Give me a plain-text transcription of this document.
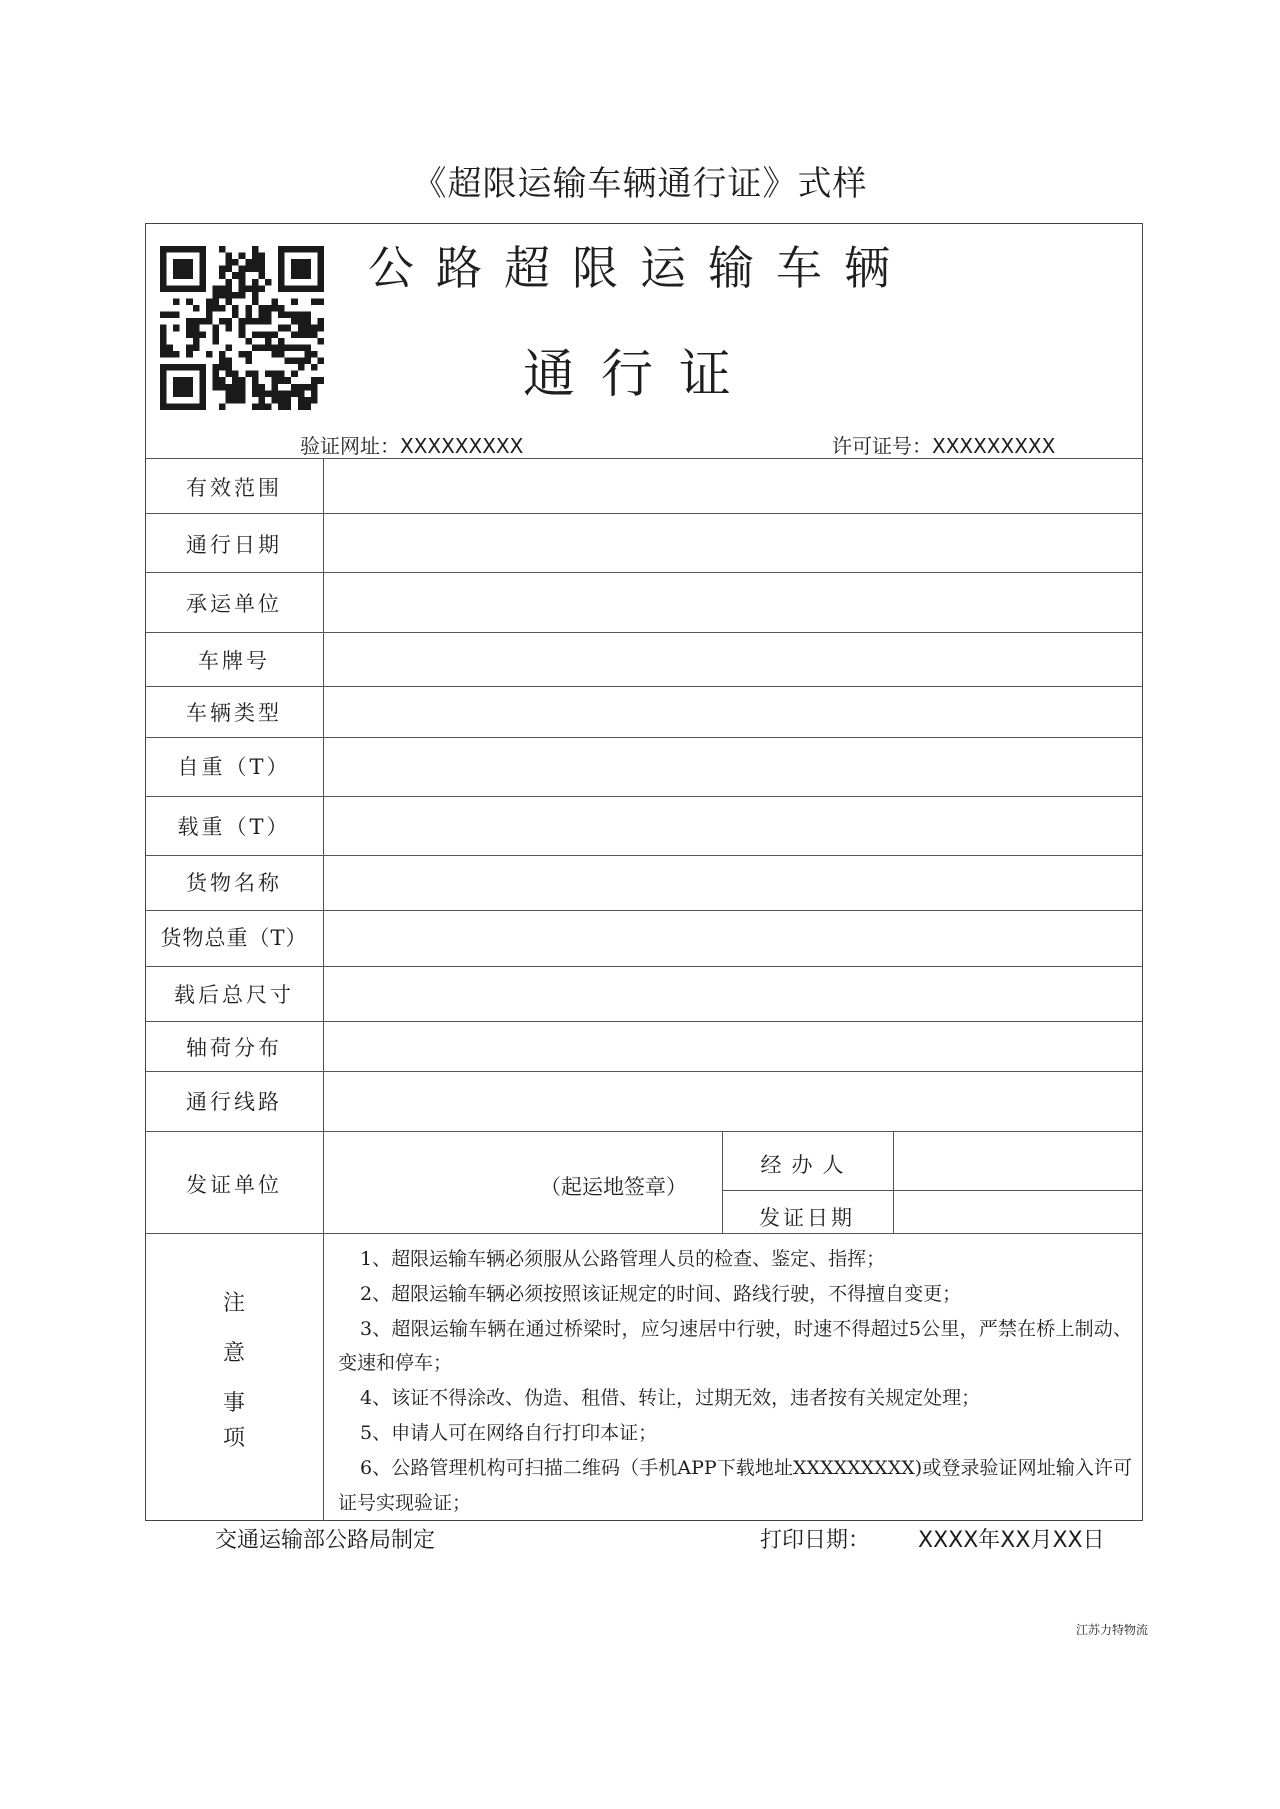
《超限运输车辆通行证》式样
公路超限运输车辆
通行证
验证网址：XXXXXXXXX	许可证号：XXXXXXXXX
有效范围
通行日期
承运单位
车牌号
车辆类型
自重（T）
载重（T）
货物名称
货物总重（T）
载后总尺寸
轴荷分布
通行线路
发证单位	（起运地签章）
经办人
发证日期
注
意
事
项
1、超限运输车辆必须服从公路管理人员的检查、鉴定、指挥；
2、超限运输车辆必须按照该证规定的时间、路线行驶，不得擅自变更；
3、超限运输车辆在通过桥梁时，应匀速居中行驶，时速不得超过5公里，严禁在桥上制动、变速和停车；
4、该证不得涂改、伪造、租借、转让，过期无效，违者按有关规定处理；
5、申请人可在网络自行打印本证；
6、公路管理机构可扫描二维码（手机APP下载地址XXXXXXXXX)或登录验证网址输入许可证号实现验证；
交通运输部公路局制定	打印日期： XXXX年XX月XX日
江苏力特物流
